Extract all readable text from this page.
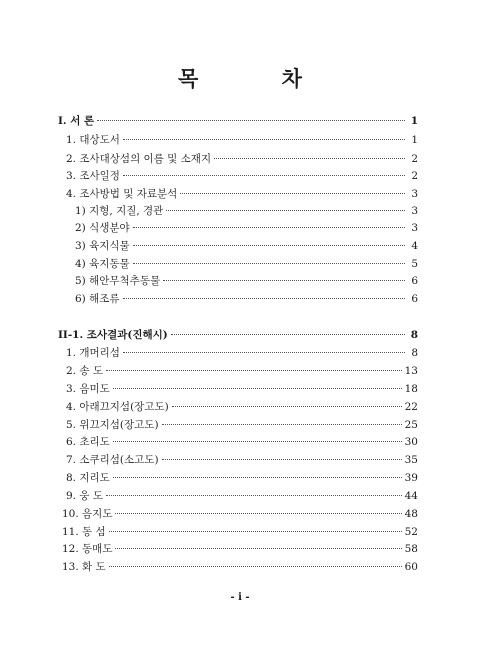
목 차
I. 서 론	1
1. 대상도서	1
2. 조사대상섬의 이름 및 소재지	2
3. 조사일정	2
4. 조사방법 및 자료분석	3
1) 지형, 지질, 경관	3
2) 식생분야	3
3) 육지식물	4
4) 육지동물	5
5) 해안무척추동물	6
6) 해조류	6
II-1. 조사결과(진해시)	8
1. 개머리섬	8
2. 송 도	13
3. 음미도	18
4. 아래끄지섬(장고도)	22
5. 위끄지섬(장고도)	25
6. 초리도	30
7. 소쿠리섬(소고도)	35
8. 지리도	39
9. 웅 도	44
10. 음지도	48
11. 동 섬	52
12. 동매도	58
13. 화 도	60
- i -
